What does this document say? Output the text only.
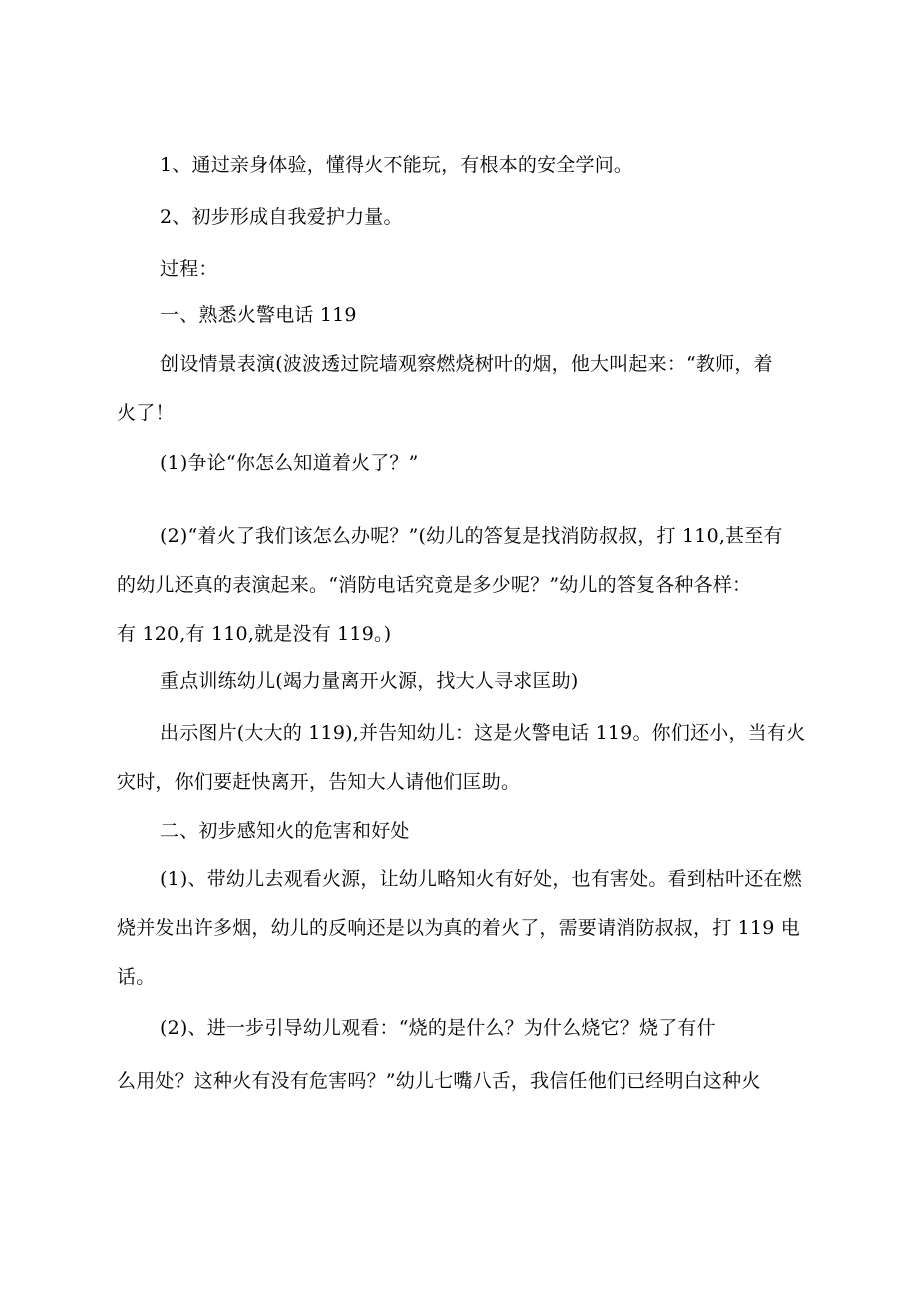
1、通过亲身体验，懂得火不能玩，有根本的安全学问。
2、初步形成自我爱护力量。
过程：
一、熟悉火警电话 119
创设情景表演(波波透过院墙观察燃烧树叶的烟，他大叫起来：“教师，着
火了！
(1)争论“你怎么知道着火了？”
(2)“着火了我们该怎么办呢？”(幼儿的答复是找消防叔叔，打 110,甚至有
的幼儿还真的表演起来。“消防电话究竟是多少呢？”幼儿的答复各种各样：
有 120,有 110,就是没有 119。)
重点训练幼儿(竭力量离开火源，找大人寻求匡助)
出示图片(大大的 119),并告知幼儿：这是火警电话 119。你们还小，当有火
灾时，你们要赶快离开，告知大人请他们匡助。
二、初步感知火的危害和好处
(1)、带幼儿去观看火源，让幼儿略知火有好处，也有害处。看到枯叶还在燃
烧并发出许多烟，幼儿的反响还是以为真的着火了，需要请消防叔叔，打 119 电
话。
(2)、进一步引导幼儿观看：“烧的是什么？为什么烧它？烧了有什
么用处？这种火有没有危害吗？”幼儿七嘴八舌，我信任他们已经明白这种火
